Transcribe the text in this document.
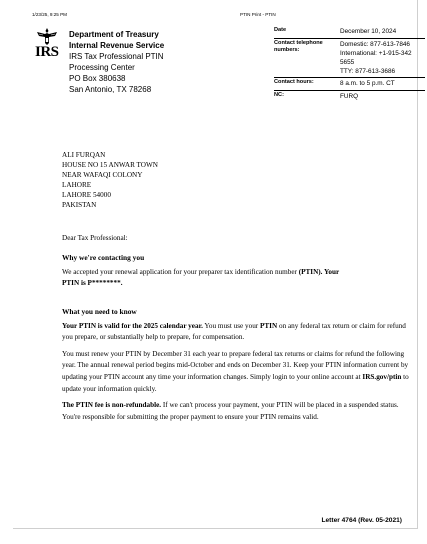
1/23/25, 9:25 PM	PTIN Print - PTIN
IRS
Department of Treasury
Internal Revenue Service
IRS Tax Professional PTIN
Processing Center
PO Box 380638
San Antonio, TX 78268
Date	December 10, 2024
Contact telephone numbers:
Domestic: 877-613-7846
International: +1-915-342
5655
TTY: 877-613-3686
Contact hours:	8 a.m. to 5 p.m. CT
NC:	FURQ
ALI FURQAN
HOUSE NO 15 ANWAR TOWN
NEAR WAFAQI COLONY
LAHORE
LAHORE 54000
PAKISTAN
Dear Tax Professional:
Why we're contacting you

We accepted your renewal application for your preparer tax identification number (PTIN). Your
PTIN is P********.

What you need to know

Your PTIN is valid for the 2025 calendar year. You must use your PTIN on any federal tax return or claim for refund you prepare, or substantially help to prepare, for compensation.

You must renew your PTIN by December 31 each year to prepare federal tax returns or claims for refund the following year. The annual renewal period begins mid-October and ends on December 31. Keep your PTIN information current by updating your PTIN account any time your information changes. Simply login to your online account at IRS.gov/ptin to update your information quickly.

The PTIN fee is non-refundable. If we can't process your payment, your PTIN will be placed in a suspended status. You're responsible for submitting the proper payment to ensure your PTIN remains valid.

Letter 4764 (Rev. 05-2021)
